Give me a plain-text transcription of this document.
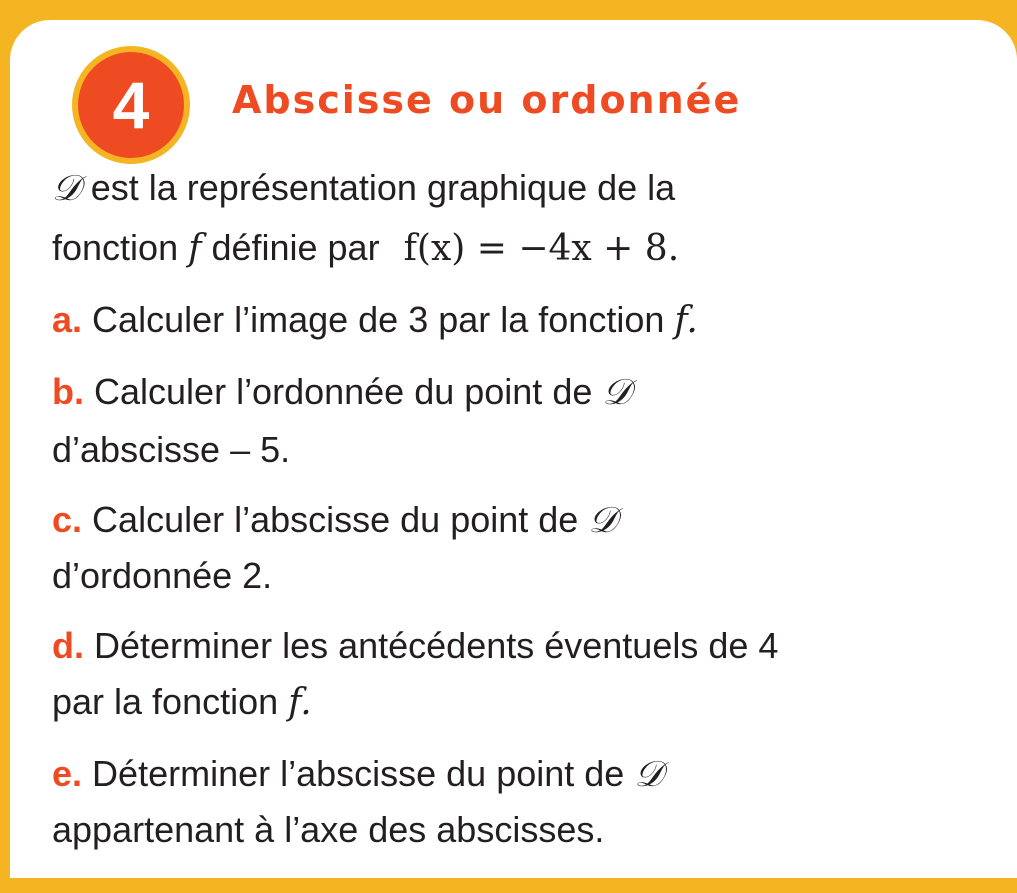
4 Abscisse ou ordonnée
𝒟 est la représentation graphique de la
fonction f définie par f(x) = −4x + 8.
a. Calculer l’image de 3 par la fonction f.
b. Calculer l’ordonnée du point de 𝒟
d’abscisse – 5.
c. Calculer l’abscisse du point de 𝒟
d’ordonnée 2.
d. Déterminer les antécédents éventuels de 4
par la fonction f.
e. Déterminer l’abscisse du point de 𝒟
appartenant à l’axe des abscisses.
